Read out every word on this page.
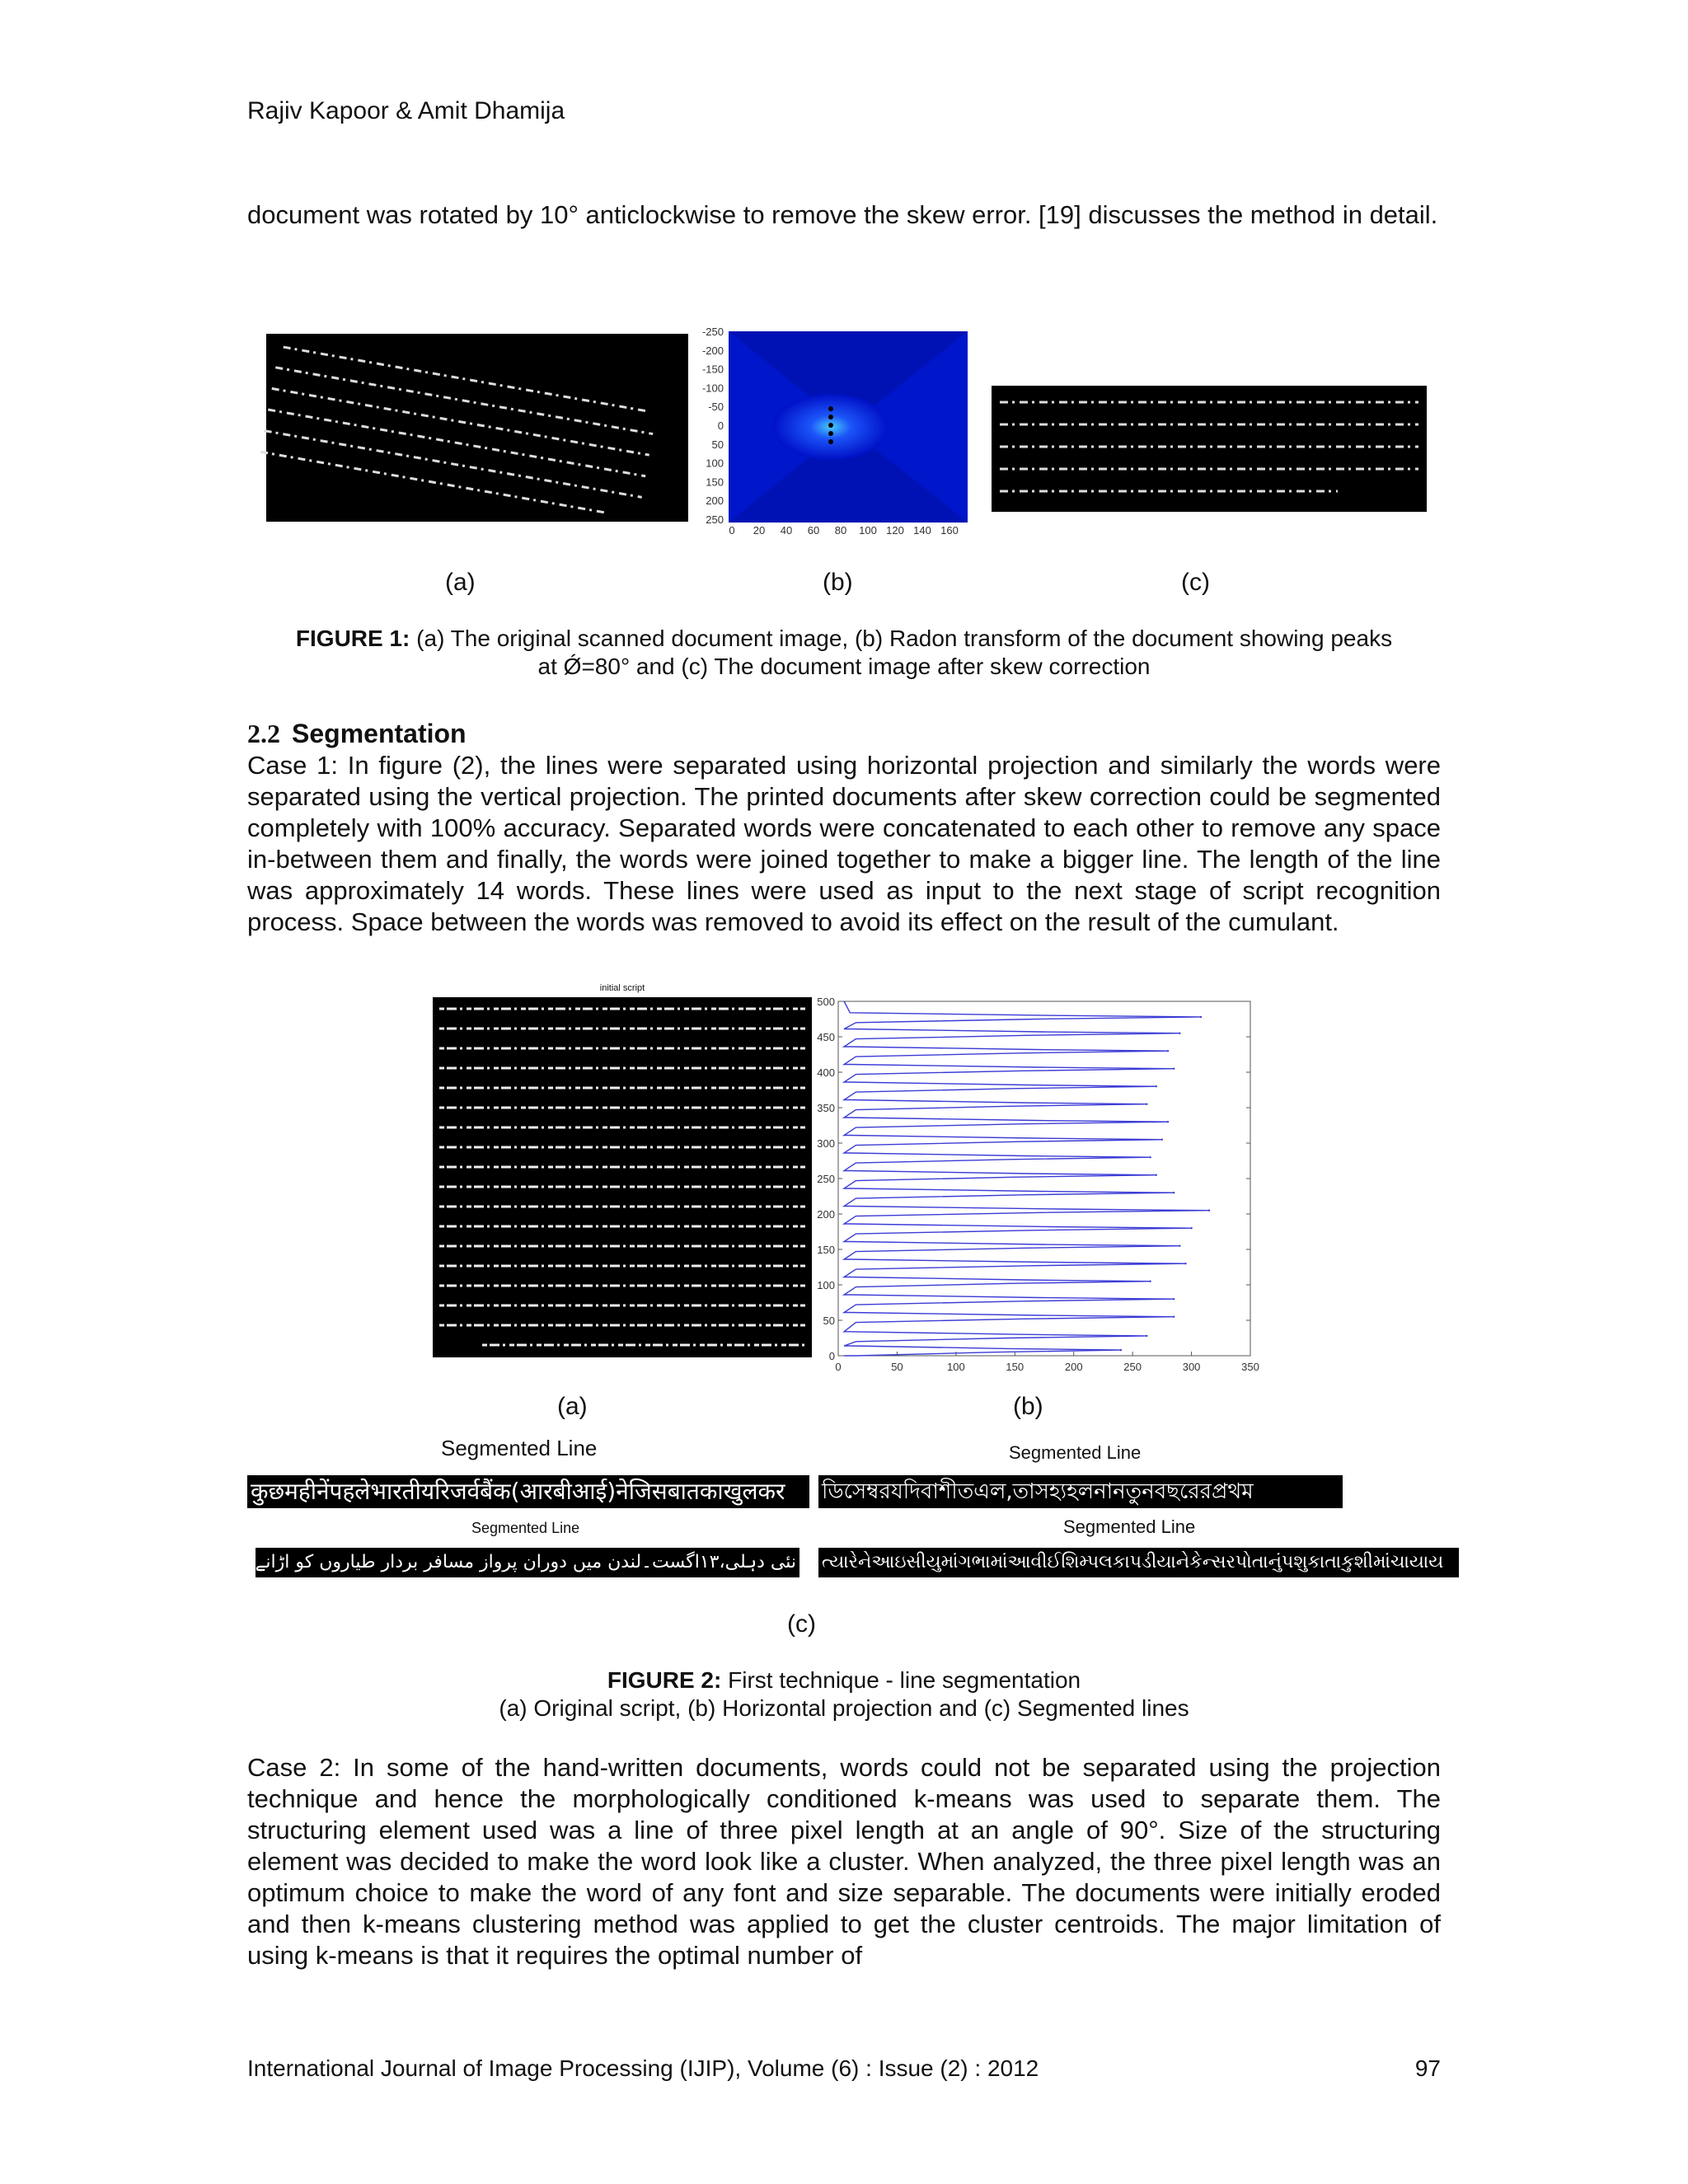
Rajiv Kapoor & Amit Dhamija
document was rotated by 10° anticlockwise to remove the skew error. [19] discusses the method in detail.
-250
-200
-150
-100
-50
0
50
100
150
200
250
0 20 40 60 80 100 120 140 160
(a)	(b)	(c)
FIGURE 1: (a) The original scanned document image, (b) Radon transform of the document showing peaks
at Ǿ=80° and (c) The document image after skew correction
2.2 Segmentation
Case 1: In figure (2), the lines were separated using horizontal projection and similarly the words were separated using the vertical projection. The printed documents after skew correction could be segmented completely with 100% accuracy. Separated words were concatenated to each other to remove any space in-between them and finally, the words were joined together to make a bigger line. The length of the line was approximately 14 words. These lines were used as input to the next stage of script recognition process. Space between the words was removed to avoid its effect on the result of the cumulant.
initial script
0
50
100
150
200
250
300
350
400
450
500
0	50	100	150	200	250	300	350
(a)	(b)
Segmented Line	Segmented Line
कुछमहीनेंपहलेभारतीयरिजर्वबैंक(आरबीआई)नेजिसबातकाखुलकर	ডিসেম্বরযদিবাশীতএল,তাসহ্যহলনানতুনবছরেরপ্রথম
Segmented Line	Segmented Line
نئی دہلی،۱۳اگست۔لندن میں دوران پرواز مسافر بردار طیاروں کو اڑانے کی سازش کے معاملے میں جیت ત્યારેનેઆઇસીયુમાંગભામાંઆવીઈશિમ્પલકાપડીયાનેકેન્સરપોતાનુંપશુકાતાકુશીમાંચાયાય
(c)
FIGURE 2: First technique - line segmentation
(a) Original script, (b) Horizontal projection and (c) Segmented lines
Case 2: In some of the hand-written documents, words could not be separated using the projection technique and hence the morphologically conditioned k-means was used to separate them. The structuring element used was a line of three pixel length at an angle of 90°. Size of the structuring element was decided to make the word look like a cluster. When analyzed, the three pixel length was an optimum choice to make the word of any font and size separable. The documents were initially eroded and then k-means clustering method was applied to get the cluster centroids. The major limitation of using k-means is that it requires the optimal number of
International Journal of Image Processing (IJIP), Volume (6) : Issue (2) : 2012	97
